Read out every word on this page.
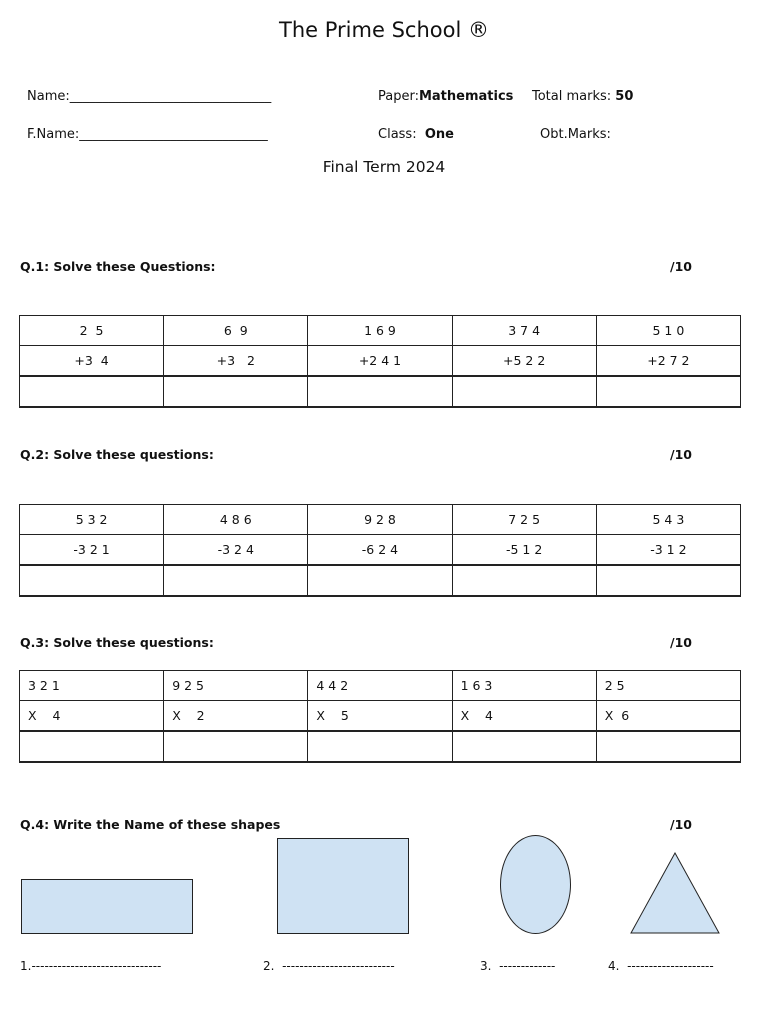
The Prime School ®
Name:_______________________________	Paper:Mathematics Total marks: 50
F.Name:_____________________________	Class:  One	Obt.Marks:
Final Term 2024
Q.1: Solve these Questions:	/10
2  5	6  9	1 6 9	3 7 4	5 1 0
+3  4	+3   2	+2 4 1	+5 2 2	+2 7 2

Q.2: Solve these questions:	/10
5 3 2	4 8 6	9 2 8	7 2 5	5 4 3
-3 2 1	-3 2 4	-6 2 4	-5 1 2	-3 1 2

Q.3: Solve these questions:	/10
3 2 1	9 2 5	4 4 2	1 6 3	2 5
X    4	X    2	X    5	X    4	X  6

Q.4: Write the Name of these shapes	/10
1.------------------------------	2.  --------------------------	3.  -------------	4.  --------------------
